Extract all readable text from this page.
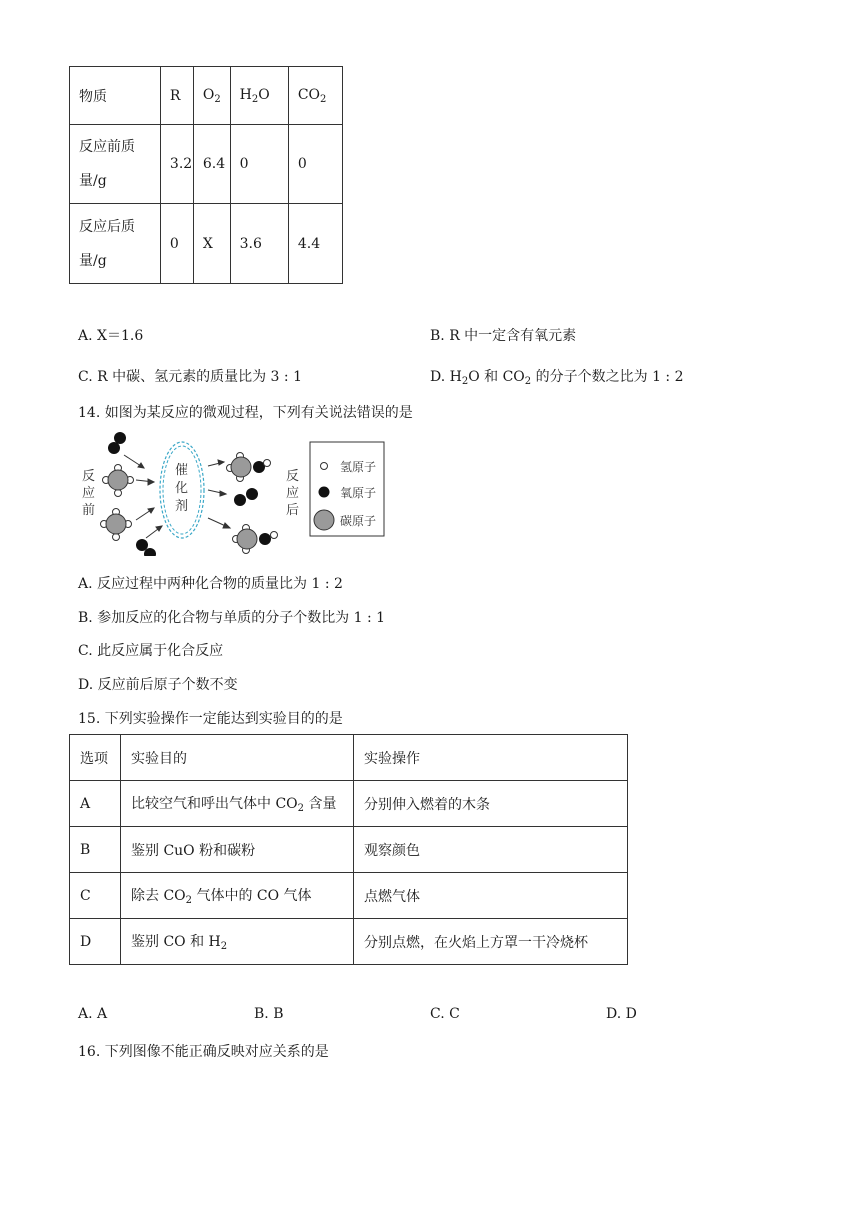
物质	R	$O_2$	$H_2O$	$CO_2$
反应前质
量/g	3.2	6.4	0	0
反应后质
量/g	0	X	3.6	4.4
A. X＝1.6	B. R 中一定含有氧元素
C. R 中碳、氢元素的质量比为 3 : 1	D. $H_2O$ 和 $CO_2$ 的分子个数之比为 1 : 2
14. 如图为某反应的微观过程，下列有关说法错误的是
反
应
前
催
化
剂
反
应
后
氢原子
氧原子
碳原子
A. 反应过程中两种化合物的质量比为 1 : 2
B. 参加反应的化合物与单质的分子个数比为 1 : 1
C. 此反应属于化合反应
D. 反应前后原子个数不变
15. 下列实验操作一定能达到实验目的的是
选项	实验目的	实验操作
A	比较空气和呼出气体中 $CO_2$ 含量	分别伸入燃着的木条
B	鉴别 CuO 粉和碳粉	观察颜色
C	除去 $CO_2$ 气体中的 CO 气体	点燃气体
D	鉴别 CO 和 $H_2$	分别点燃，在火焰上方罩一干冷烧杯
A. A	B. B	C. C	D. D
16. 下列图像不能正确反映对应关系的是
